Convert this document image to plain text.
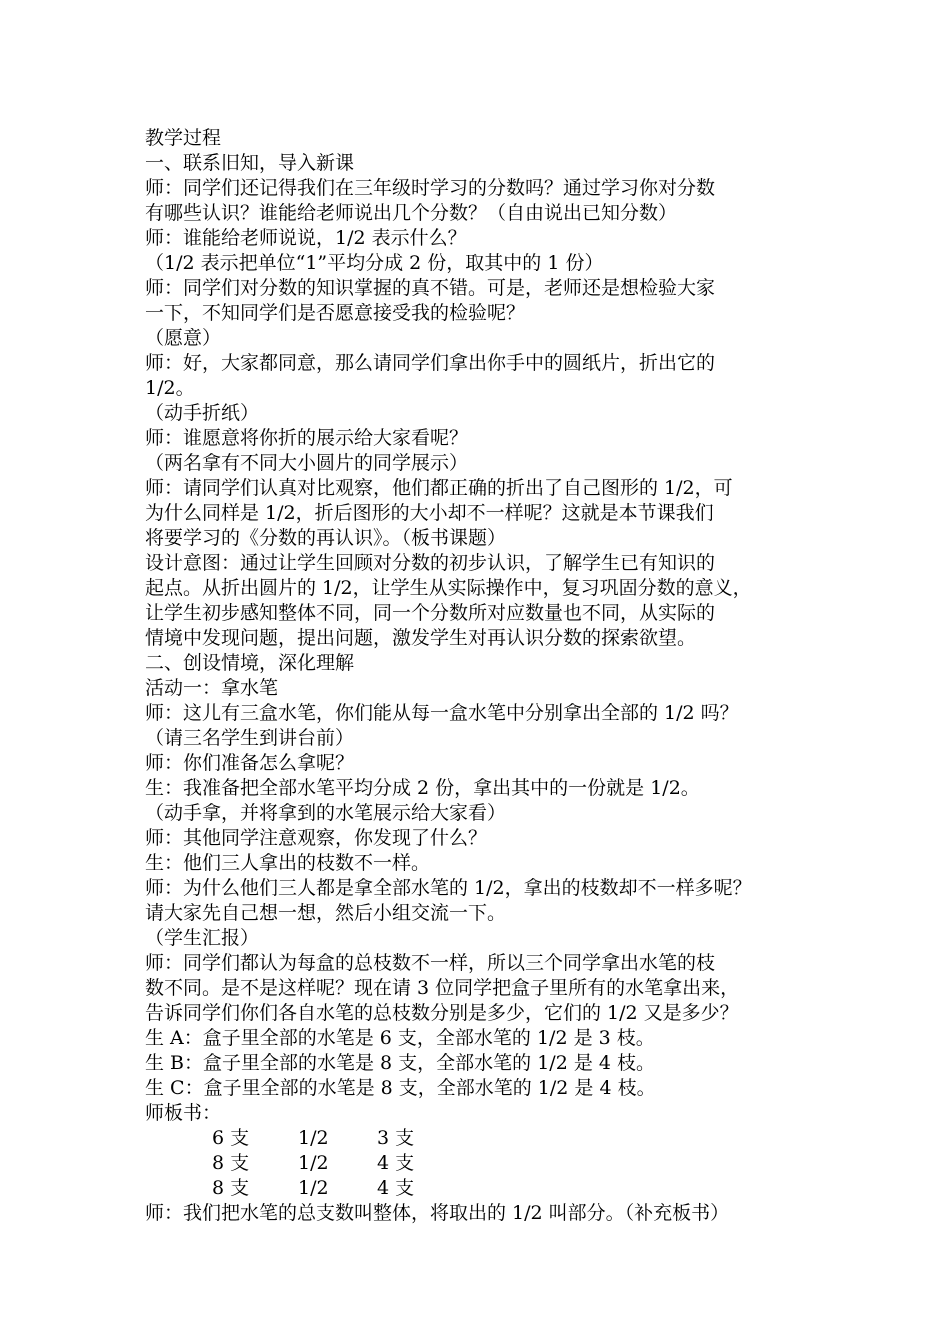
教学过程
一、联系旧知，导入新课
师：同学们还记得我们在三年级时学习的分数吗？通过学习你对分数
有哪些认识？谁能给老师说出几个分数？（自由说出已知分数）
师：谁能给老师说说，1/2 表示什么？
（1/2 表示把单位“1”平均分成 2 份，取其中的 1 份）
师：同学们对分数的知识掌握的真不错。可是，老师还是想检验大家
一下，不知同学们是否愿意接受我的检验呢？
（愿意）
师：好，大家都同意，那么请同学们拿出你手中的圆纸片，折出它的
1/2。
（动手折纸）
师：谁愿意将你折的展示给大家看呢？
（两名拿有不同大小圆片的同学展示）
师：请同学们认真对比观察，他们都正确的折出了自己图形的 1/2，可
为什么同样是 1/2，折后图形的大小却不一样呢？这就是本节课我们
将要学习的《分数的再认识》。（板书课题）
设计意图：通过让学生回顾对分数的初步认识，了解学生已有知识的
起点。从折出圆片的 1/2，让学生从实际操作中，复习巩固分数的意义，
让学生初步感知整体不同，同一个分数所对应数量也不同，从实际的
情境中发现问题，提出问题，激发学生对再认识分数的探索欲望。
二、创设情境，深化理解
活动一：拿水笔
师：这儿有三盒水笔，你们能从每一盒水笔中分别拿出全部的 1/2 吗？
（请三名学生到讲台前）
师：你们准备怎么拿呢？
生：我准备把全部水笔平均分成 2 份，拿出其中的一份就是 1/2。
（动手拿，并将拿到的水笔展示给大家看）
师：其他同学注意观察，你发现了什么？
生：他们三人拿出的枝数不一样。
师：为什么他们三人都是拿全部水笔的 1/2，拿出的枝数却不一样多呢？
请大家先自己想一想，然后小组交流一下。
（学生汇报）
师：同学们都认为每盒的总枝数不一样，所以三个同学拿出水笔的枝
数不同。是不是这样呢？现在请 3 位同学把盒子里所有的水笔拿出来，
告诉同学们你们各自水笔的总枝数分别是多少，它们的 1/2 又是多少？
生 A：盒子里全部的水笔是 6 支，全部水笔的 1/2 是 3 枝。
生 B：盒子里全部的水笔是 8 支，全部水笔的 1/2 是 4 枝。
生 C：盒子里全部的水笔是 8 支，全部水笔的 1/2 是 4 枝。
师板书：
6 支	1/2	3 支
8 支	1/2	4 支
8 支	1/2	4 支
师：我们把水笔的总支数叫整体，将取出的 1/2 叫部分。（补充板书）
